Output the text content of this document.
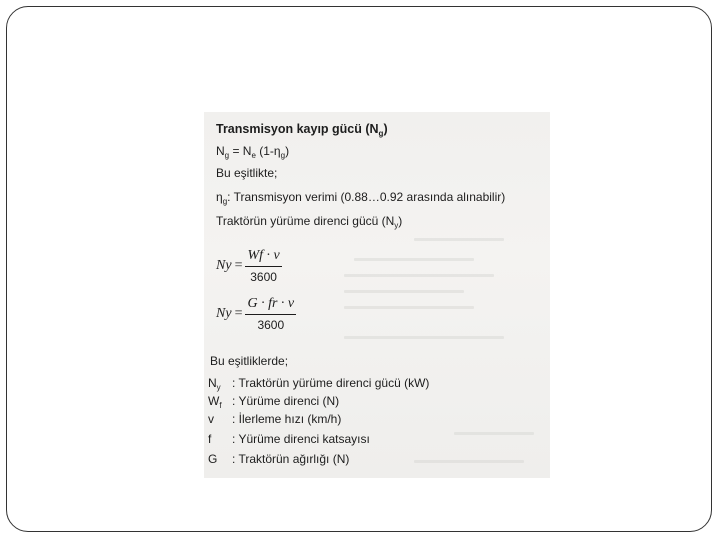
Transmisyon kayıp gücü $(N_g)$
$N_g = N_e$ $(1-\eta_g)$
Bu eşitlikte;
$\eta_g$: Transmisyon verimi (0.88…0.92 arasında alınabilir)
Traktörün yürüme direnci gücü $(N_y)$
$Ny = \frac{Wf \cdot v}{3600}$
$Ny = \frac{G \cdot fr \cdot v}{3600}$
Bu eşitliklerde;
$N_y$ : Traktörün yürüme direnci gücü (kW)
$W_f$ : Yürüme direnci (N)
v : İlerleme hızı (km/h)
f : Yürüme direnci katsayısı
G : Traktörün ağırlığı (N)
